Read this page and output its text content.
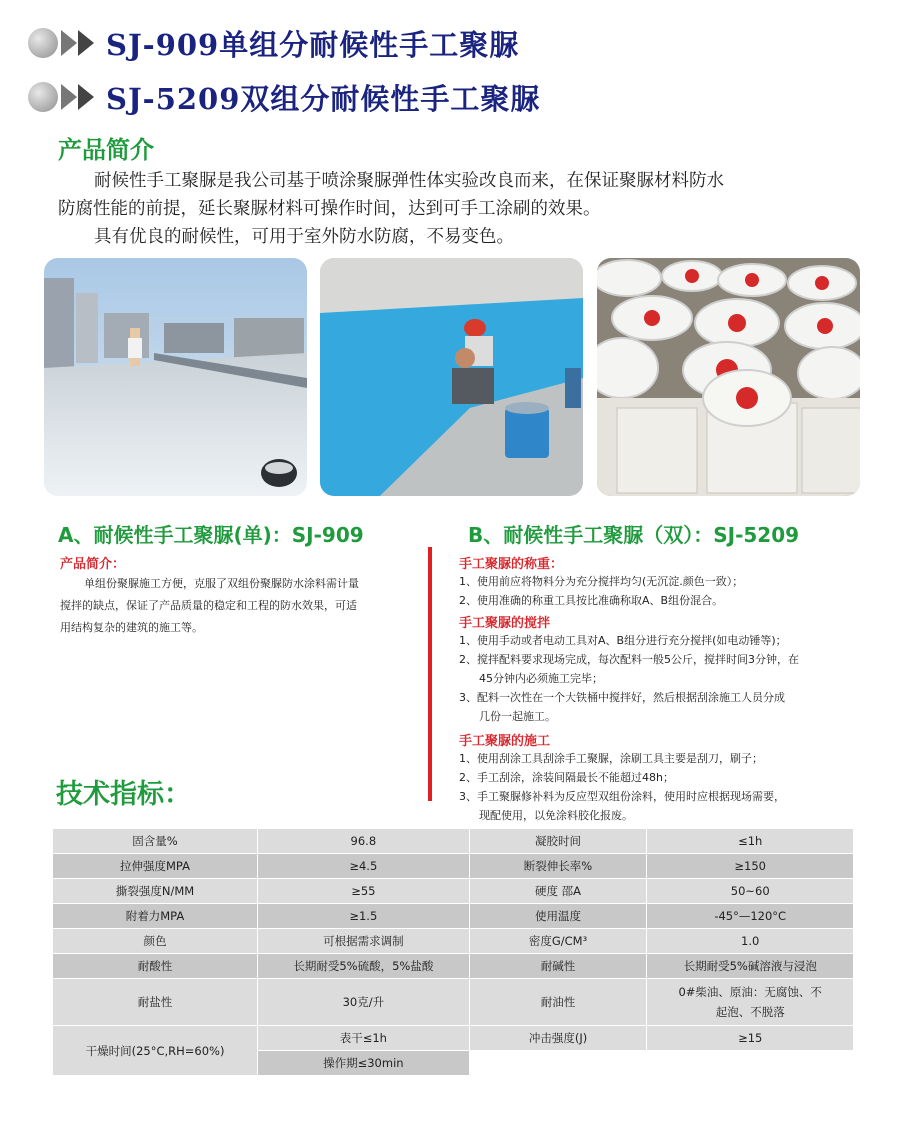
SJ-909单组分耐候性手工聚脲
SJ-5209双组分耐候性手工聚脲
产品简介
耐候性手工聚脲是我公司基于喷涂聚脲弹性体实验改良而来，在保证聚脲材料防水
防腐性能的前提，延长聚脲材料可操作时间，达到可手工涂刷的效果。
具有优良的耐候性，可用于室外防水防腐，不易变色。
A、耐候性手工聚脲(单)：SJ-909
产品简介：
单组份聚脲施工方便，克服了双组份聚脲防水涂料需计量
搅拌的缺点，保证了产品质量的稳定和工程的防水效果，可适
用结构复杂的建筑的施工等。
B、耐候性手工聚脲（双）：SJ-5209
手工聚脲的称重：
1、使用前应将物料分为充分搅拌均匀(无沉淀.颜色一致）；
2、使用准确的称重工具按比准确称取A、B组份混合。
手工聚脲的搅拌
1、使用手动或者电动工具对A、B组分进行充分搅拌(如电动锤等)；
2、搅拌配料要求现场完成，每次配料一般5公斤，搅拌时间3分钟，在
45分钟内必须施工完毕；
3、配料一次性在一个大铁桶中搅拌好，然后根据刮涂施工人员分成
几份一起施工。
手工聚脲的施工
1、使用刮涂工具刮涂手工聚脲，涂刷工具主要是刮刀，刷子；
2、手工刮涂，涂装间隔最长不能超过48h；
3、手工聚脲修补料为反应型双组份涂料，使用时应根据现场需要，
现配使用，以免涂料胶化报废。
技术指标：
固含量%	96.8	凝胶时间	≤1h
拉伸强度MPA	≥4.5	断裂伸长率%	≥150
撕裂强度N/MM	≥55	硬度 邵A	50~60
附着力MPA	≥1.5	使用温度	-45°—120°C
颜色	可根据需求调制	密度G/CM³	1.0
耐酸性	长期耐受5%硫酸，5%盐酸	耐碱性	长期耐受5%碱溶液与浸泡
耐盐性	30克/升	耐油性	0#柴油、原油：无腐蚀、不
起泡、不脱落

干燥时间(25°C,RH=60%)	表干≤1h	冲击强度(J)	≥15
	操作期≤30min		
